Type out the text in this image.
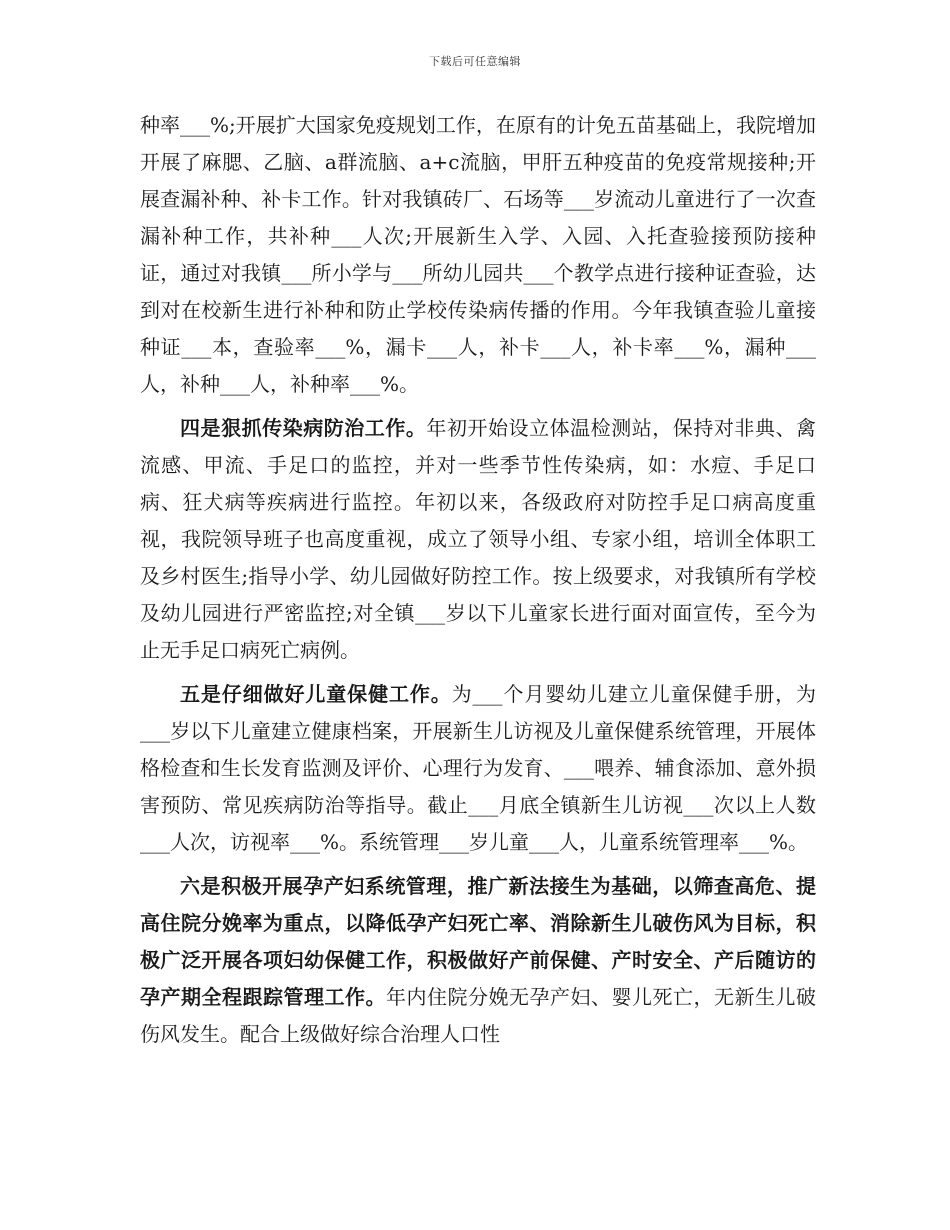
下载后可任意编辑

种率___%;开展扩大国家免疫规划工作，在原有的计免五苗基础上，我院增加开展了麻腮、乙脑、a群流脑、a+c流脑，甲肝五种疫苗的免疫常规接种;开展查漏补种、补卡工作。针对我镇砖厂、石场等___岁流动儿童进行了一次查漏补种工作，共补种___人次;开展新生入学、入园、入托查验接预防接种证，通过对我镇___所小学与___所幼儿园共___个教学点进行接种证查验，达到对在校新生进行补种和防止学校传染病传播的作用。今年我镇查验儿童接种证___本，查验率___%，漏卡___人，补卡___人，补卡率___%，漏种___人，补种___人，补种率___%。

四是狠抓传染病防治工作。年初开始设立体温检测站，保持对非典、禽流感、甲流、手足口的监控，并对一些季节性传染病，如：水痘、手足口病、狂犬病等疾病进行监控。年初以来，各级政府对防控手足口病高度重视，我院领导班子也高度重视，成立了领导小组、专家小组，培训全体职工及乡村医生;指导小学、幼儿园做好防控工作。按上级要求，对我镇所有学校及幼儿园进行严密监控;对全镇___岁以下儿童家长进行面对面宣传，至今为止无手足口病死亡病例。

五是仔细做好儿童保健工作。为___个月婴幼儿建立儿童保健手册，为___岁以下儿童建立健康档案，开展新生儿访视及儿童保健系统管理，开展体格检查和生长发育监测及评价、心理行为发育、___喂养、辅食添加、意外损害预防、常见疾病防治等指导。截止___月底全镇新生儿访视___次以上人数___人次，访视率___%。系统管理___岁儿童___人，儿童系统管理率___%。

六是积极开展孕产妇系统管理，推广新法接生为基础，以筛查高危、提高住院分娩率为重点，以降低孕产妇死亡率、消除新生儿破伤风为目标，积极广泛开展各项妇幼保健工作，积极做好产前保健、产时安全、产后随访的孕产期全程跟踪管理工作。年内住院分娩无孕产妇、婴儿死亡，无新生儿破伤风发生。配合上级做好综合治理人口性
